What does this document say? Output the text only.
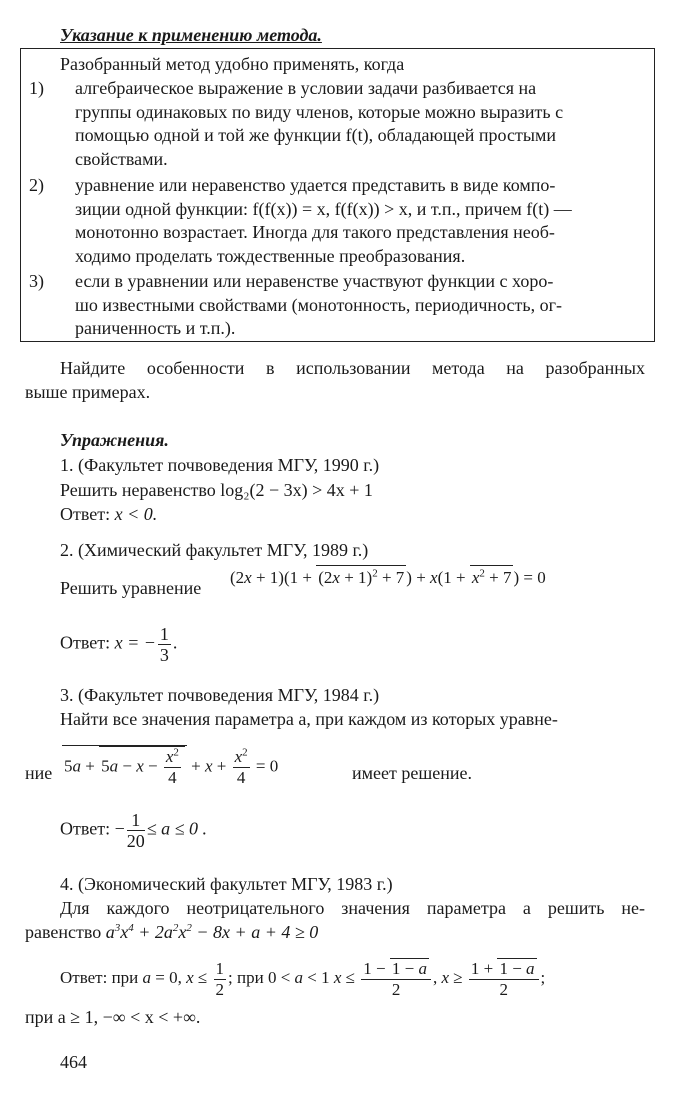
Указание к применению метода.
Разобранный метод удобно применять, когда
1) алгебраическое выражение в условии задачи разбивается на
группы одинаковых по виду членов, которые можно выразить с
помощью одной и той же функции f(t), обладающей простыми
свойствами.
2) уравнение или неравенство удается представить в виде компо-
зиции одной функции: f(f(x)) = x, f(f(x)) > x, и т.п., причем f(t) —
монотонно возрастает. Иногда для такого представления необ-
ходимо проделать тождественные преобразования.
3) если в уравнении или неравенстве участвуют функции с хоро-
шо известными свойствами (монотонность, периодичность, ог-
раниченность и т.п.).
Найдите особенности в использовании метода на разобранных
выше примерах.
Упражнения.
1. (Факультет почвоведения МГУ, 1990 г.)
Решить неравенство log₂(2 − 3x) > 4x + 1
Ответ: x < 0.
2. (Химический факультет МГУ, 1989 г.)
Решить уравнение
$(2x + 1)(1 + (2x + 1)^2 + 7$ ) + $x(1 + x^2 + 7$ ) = 0
Ответ: x = − $\frac{1}{3}$ .
3. (Факультет почвоведения МГУ, 1984 г.)
Найти все значения параметра a, при каждом из которых уравне-
ние $5a + 5a - x - \frac{x^2}{4} + x + \frac{x^2}{4} = 0$	имеет решение.
Ответ: − $\frac{1}{20} \le a \le 0$ .
4. (Экономический факультет МГУ, 1983 г.)
Для каждого неотрицательного значения параметра a решить не-
равенство $a^3x^4 + 2a^2x^2 - 8x + a + 4 \ge 0$
Ответ: при a = 0, $x \le \frac{1}{2}$ ; при 0 < a < 1 $x \le \frac{1 - 1 - a}{2}$ , $x \ge \frac{1 + 1 - a}{2}$ ;
при a ≥ 1, −∞ < x < +∞.
464
